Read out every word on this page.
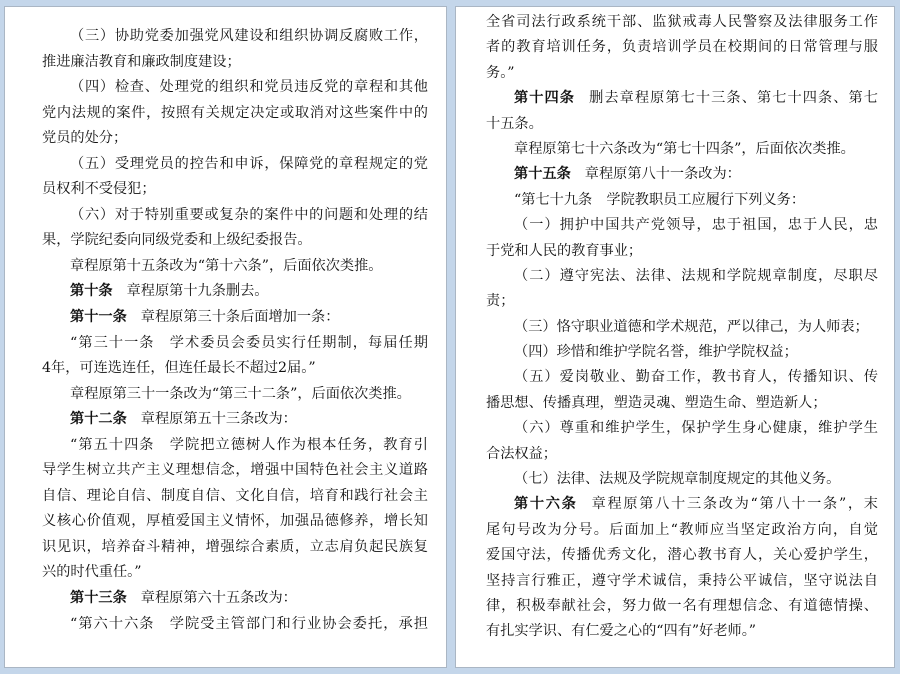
（三）协助党委加强党风建设和组织协调反腐败工作，
推进廉洁教育和廉政制度建设；
（四）检查、处理党的组织和党员违反党的章程和其他
党内法规的案件，按照有关规定决定或取消对这些案件中的
党员的处分；
（五）受理党员的控告和申诉，保障党的章程规定的党
员权利不受侵犯；
（六）对于特别重要或复杂的案件中的问题和处理的结
果，学院纪委向同级党委和上级纪委报告。
章程原第十五条改为“第十六条”，后面依次类推。
第十条 章程原第十九条删去。
第十一条 章程原第三十条后面增加一条：
“第三十一条　学术委员会委员实行任期制，每届任期
4年，可连选连任，但连任最长不超过2届。”
章程原第三十一条改为“第三十二条”，后面依次类推。
第十二条 章程原第五十三条改为：
“第五十四条　学院把立德树人作为根本任务，教育引
导学生树立共产主义理想信念，增强中国特色社会主义道路
自信、理论自信、制度自信、文化自信，培育和践行社会主
义核心价值观，厚植爱国主义情怀，加强品德修养，增长知
识见识，培养奋斗精神，增强综合素质，立志肩负起民族复
兴的时代重任。”
第十三条 章程原第六十五条改为：
“第六十六条　学院受主管部门和行业协会委托，承担
全省司法行政系统干部、监狱戒毒人民警察及法律服务工作
者的教育培训任务，负责培训学员在校期间的日常管理与服
务。”
第十四条 删去章程原第七十三条、第七十四条、第七
十五条。
章程原第七十六条改为“第七十四条”，后面依次类推。
第十五条 章程原第八十一条改为：
“第七十九条　学院教职员工应履行下列义务：
（一）拥护中国共产党领导，忠于祖国，忠于人民，忠
于党和人民的教育事业；
（二）遵守宪法、法律、法规和学院规章制度，尽职尽
责；
（三）恪守职业道德和学术规范，严以律己，为人师表；
（四）珍惜和维护学院名誉，维护学院权益；
（五）爱岗敬业、勤奋工作，教书育人，传播知识、传
播思想、传播真理，塑造灵魂、塑造生命、塑造新人；
（六）尊重和维护学生，保护学生身心健康，维护学生
合法权益；
（七）法律、法规及学院规章制度规定的其他义务。
第十六条 章程原第八十三条改为“第八十一条”，末
尾句号改为分号。后面加上“教师应当坚定政治方向，自觉
爱国守法，传播优秀文化，潜心教书育人，关心爱护学生，
坚持言行雅正，遵守学术诚信，秉持公平诚信，坚守说法自
律，积极奉献社会，努力做一名有理想信念、有道德情操、
有扎实学识、有仁爱之心的“四有”好老师。”
